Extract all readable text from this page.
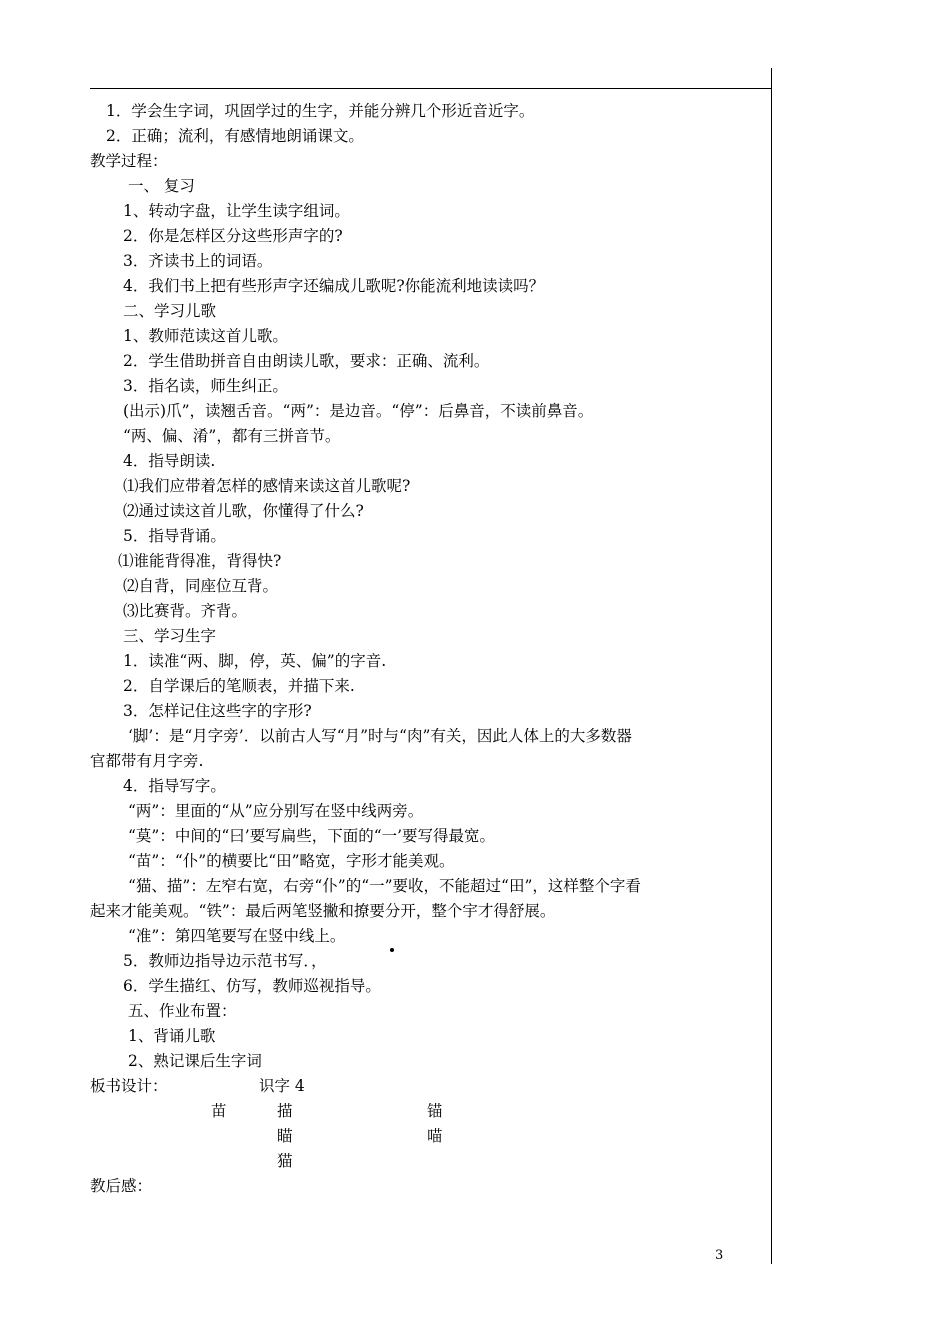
1．学会生字词，巩固学过的生字，并能分辨几个形近音近字。
2．正确；流利，有感情地朗诵课文。
教学过程：
一、 复习
1、转动字盘，让学生读字组词。
2．你是怎样区分这些形声字的?
3．齐读书上的词语。
4．我们书上把有些形声字还编成儿歌呢?你能流利地读读吗？
二、学习儿歌
1、教师范读这首儿歌。
2．学生借助拼音自由朗读儿歌，要求：正确、流利。
3．指名读，师生纠正。
(出示)爪”，读翘舌音。“两”：是边音。“停”：后鼻音，不读前鼻音。
“两、偏、淆”，都有三拼音节。
4．指导朗读.
⑴我们应带着怎样的感情来读这首儿歌呢?
⑵通过读这首儿歌，你懂得了什么?
5．指导背诵。
⑴谁能背得准，背得快?
⑵自背，同座位互背。
⑶比赛背。齐背。
三、学习生字
1．读准“两、脚，停，英、偏”的字音.
2．自学课后的笔顺表，并描下来.
3．怎样记住这些字的字形?
‘脚’：是“月字旁’．以前古人写“月”时与“肉”有关，因此人体上的大多数器
官都带有月字旁.
4．指导写字。
“两”：里面的“从”应分别写在竖中线两旁。
“莫”：中间的“曰’要写扁些，下面的“一’要写得最宽。
“苗”：“仆”的横要比“田”略宽，字形才能美观。
“猫、描”：左窄右宽，右旁“仆”的“一”要收，不能超过“田”，这样整个字看
起来才能美观。“铁”：最后两笔竖撇和撩要分开，整个宇才得舒展。
“准”：第四笔要写在竖中线上。
5．教师边指导边示范书写．，
6．学生描红、仿写，教师巡视指导。
五、作业布置：
1、背诵儿歌
2、熟记课后生字词
板书设计：	识字 4
苗	描	锚
瞄	喵
猫
教后感：
3
